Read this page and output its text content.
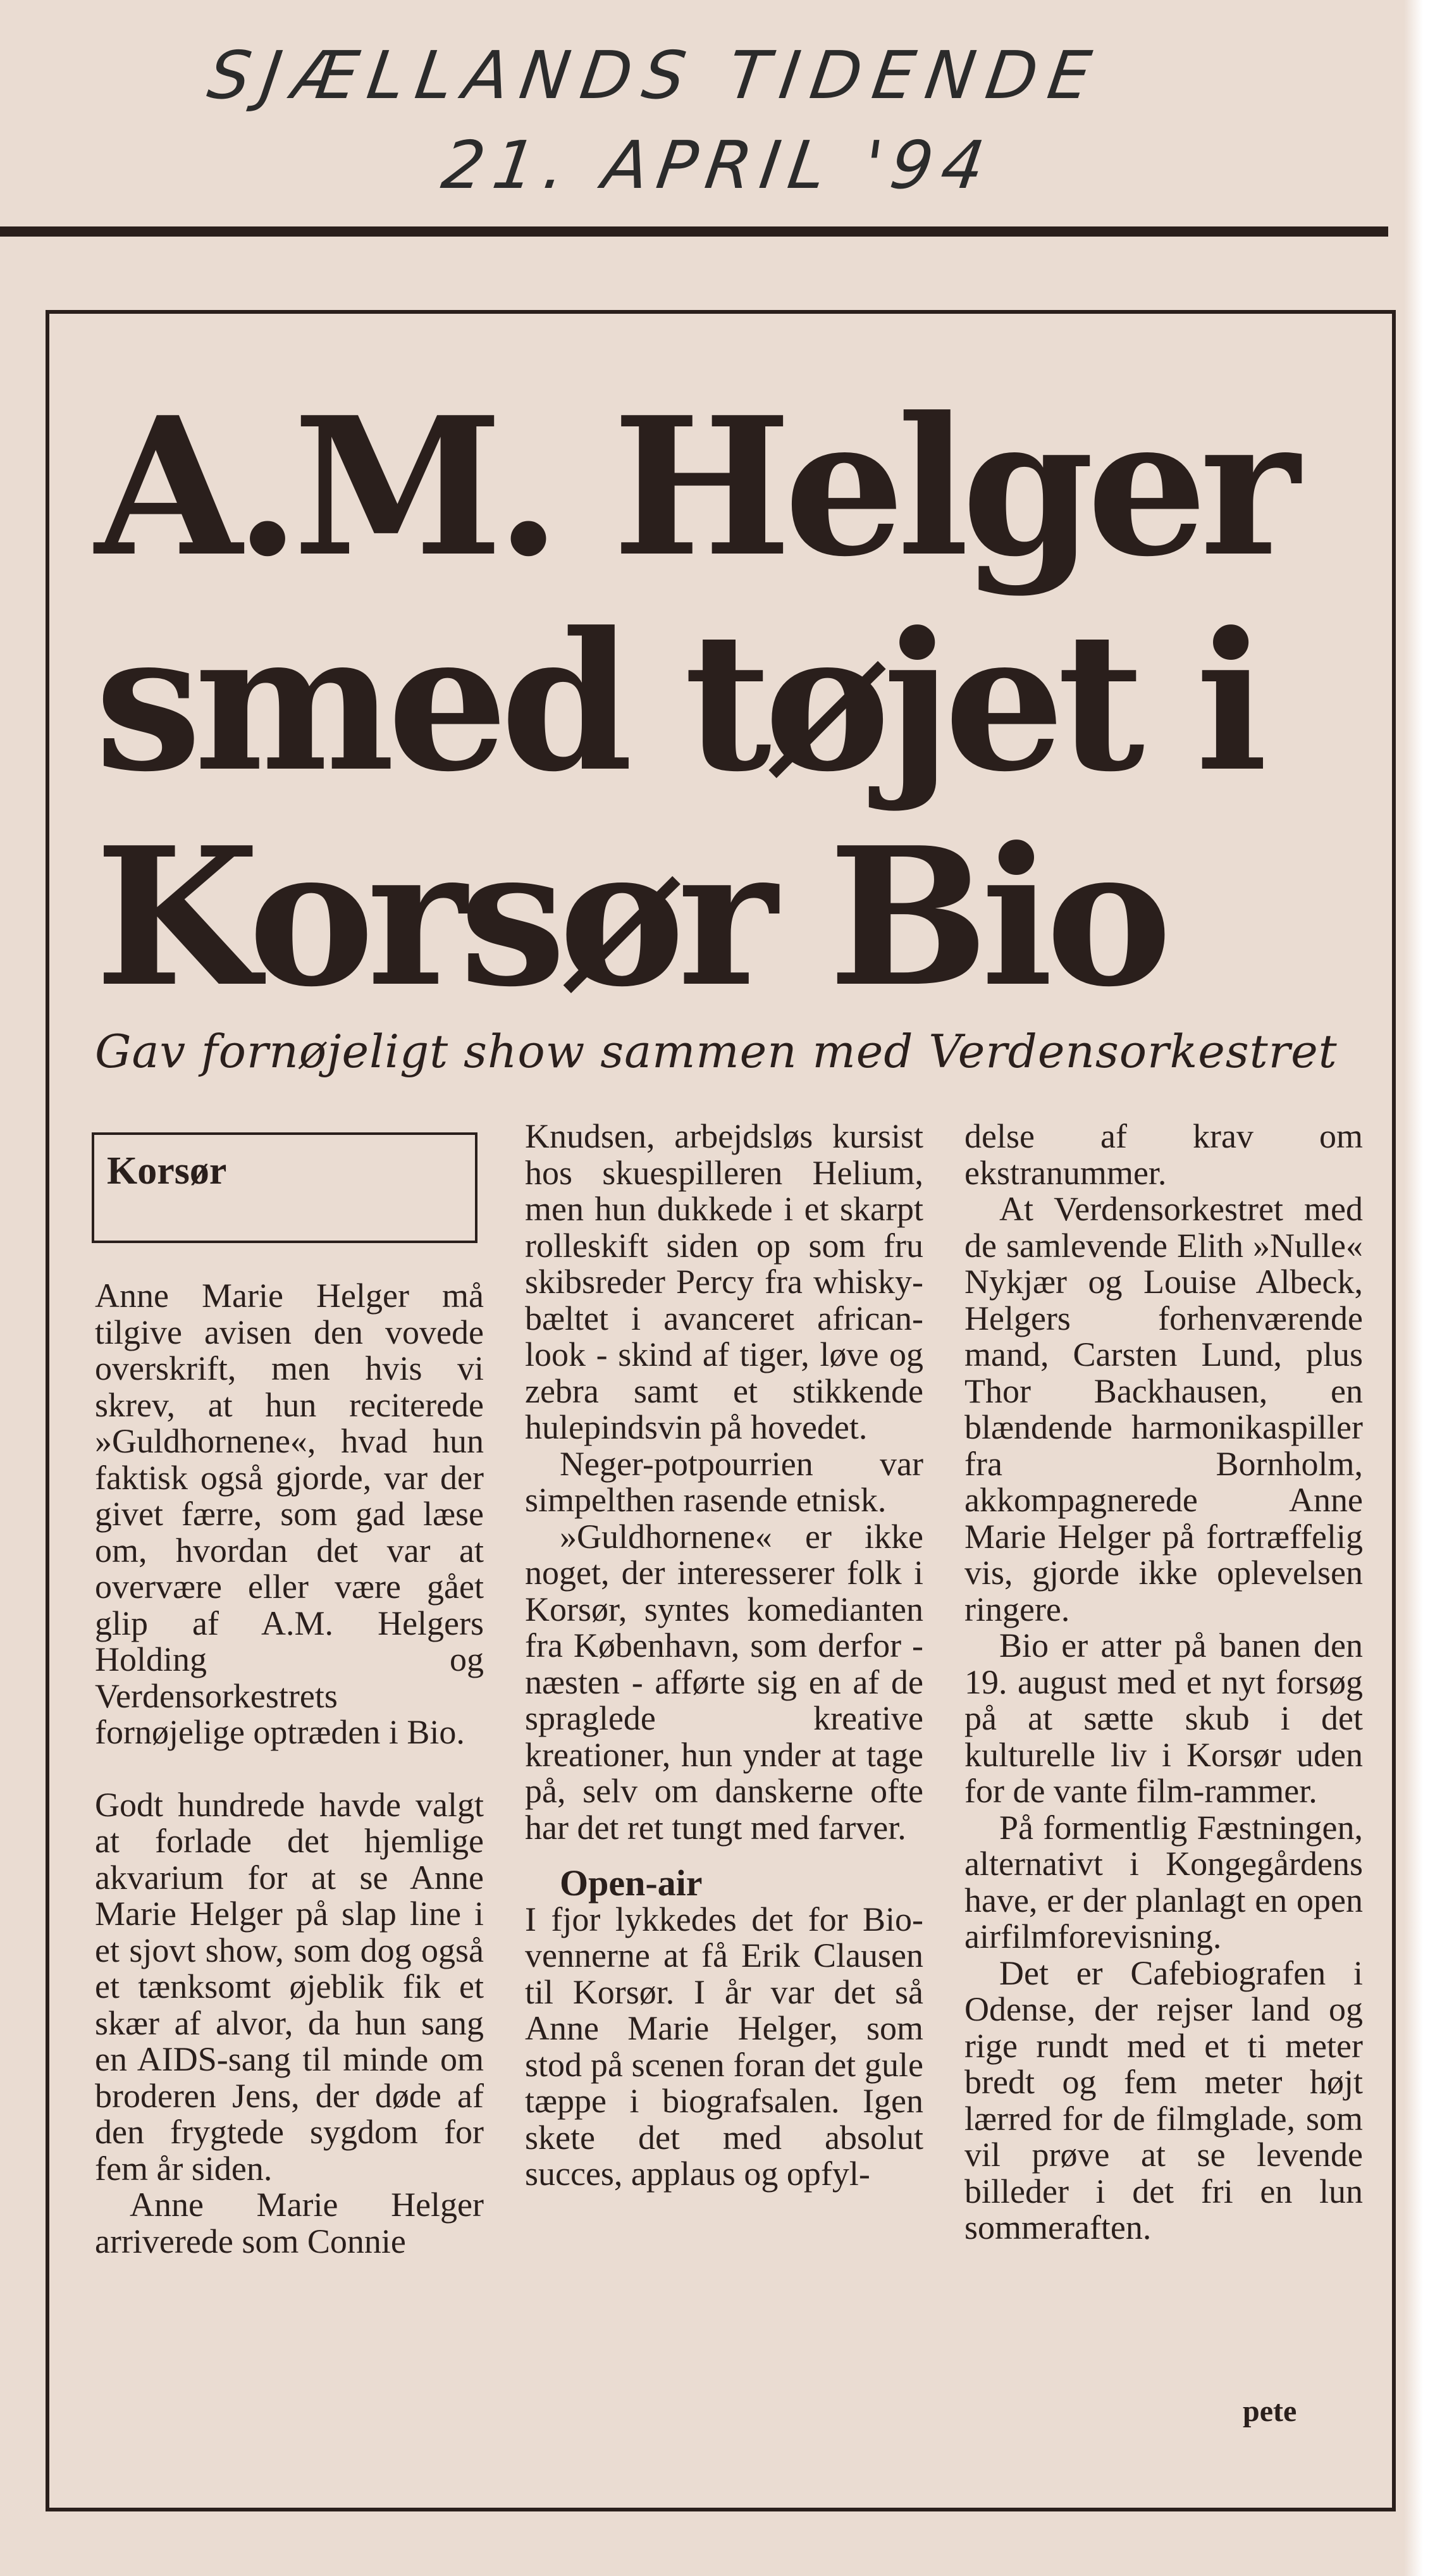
SJÆLLANDS TIDENDE
21. APRIL '94
A.M. Helger
smed tøjet i
Korsør Bio

Gav fornøjeligt show sammen med Verdensorkestret

Korsør

Anne Marie Helger må tilgive avisen den vovede overskrift, men hvis vi skrev, at hun reciterede »Guldhornene«, hvad hun faktisk også gjorde, var der givet færre, som gad læse om, hvordan det var at overvære eller være gået glip af A.M. Helgers Holding og Verdensorkestrets fornøjelige optræden i Bio.

Godt hundrede havde valgt at forlade det hjemlige akvarium for at se Anne Marie Helger på slap line i et sjovt show, som dog også et tænksomt øjeblik fik et skær af alvor, da hun sang en AIDS-sang til minde om broderen Jens, der døde af den frygtede sygdom for fem år siden.

Anne Marie Helger arriverede som Connie

Knudsen, arbejdsløs kursist hos skuespilleren Helium, men hun dukkede i et skarpt rolleskift siden op som fru skibsreder Percy fra whisky-bæltet i avanceret african-look - skind af tiger, løve og zebra samt et stikkende hulepindsvin på hovedet.

Neger-potpourrien var simpelthen rasende etnisk.

»Guldhornene« er ikke noget, der interesserer folk i Korsør, syntes komedianten fra København, som derfor - næsten - afførte sig en af de spraglede kreative kreationer, hun ynder at tage på, selv om danskerne ofte har det ret tungt med farver.

Open-air

I fjor lykkedes det for Bio-vennerne at få Erik Clausen til Korsør. I år var det så Anne Marie Helger, som stod på scenen foran det gule tæppe i biografsalen. Igen skete det med absolut succes, applaus og opfyl-

delse af krav om ekstranummer.

At Verdensorkestret med de samlevende Elith »Nulle« Nykjær og Louise Albeck, Helgers forhenværende mand, Carsten Lund, plus Thor Backhausen, en blændende harmonikaspiller fra Bornholm, akkompagnerede Anne Marie Helger på fortræffelig vis, gjorde ikke oplevelsen ringere.

Bio er atter på banen den 19. august med et nyt forsøg på at sætte skub i det kulturelle liv i Korsør uden for de vante film-rammer.

På formentlig Fæstningen, alternativt i Kongegårdens have, er der planlagt en open airfilmforevisning.

Det er Cafebiografen i Odense, der rejser land og rige rundt med et ti meter bredt og fem meter højt lærred for de filmglade, som vil prøve at se levende billeder i det fri en lun sommeraften.

pete
